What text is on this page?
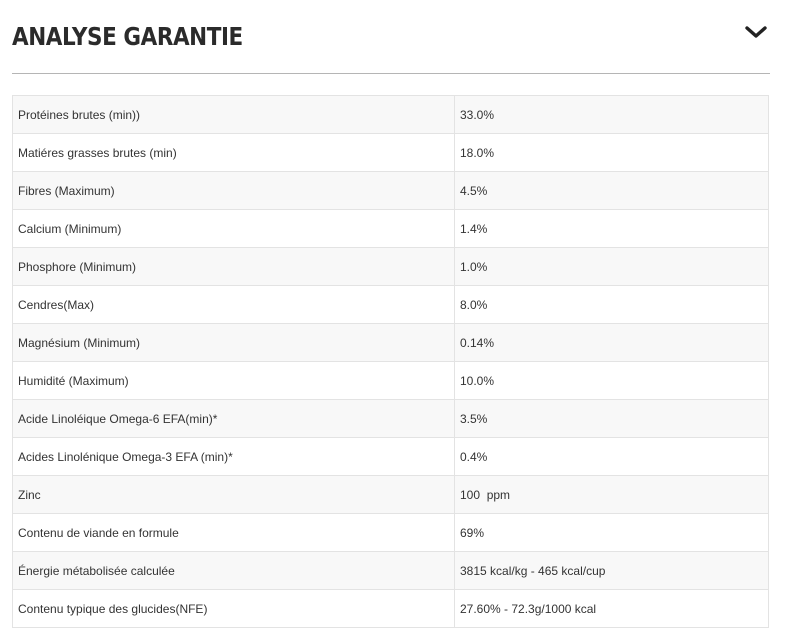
ANALYSE GARANTIE
Protéines brutes (min))	33.0%
Matiéres grasses brutes (min)	18.0%
Fibres (Maximum)	4.5%
Calcium (Minimum)	1.4%
Phosphore (Minimum)	1.0%
Cendres(Max)	8.0%
Magnésium (Minimum)	0.14%
Humidité (Maximum)	10.0%
Acide Linoléique Omega-6 EFA(min)*	3.5%
Acides Linolénique Omega-3 EFA (min)*	0.4%
Zinc	100  ppm
Contenu de viande en formule	69%
Énergie métabolisée calculée	3815 kcal/kg - 465 kcal/cup
Contenu typique des glucides(NFE)	27.60% - 72.3g/1000 kcal
